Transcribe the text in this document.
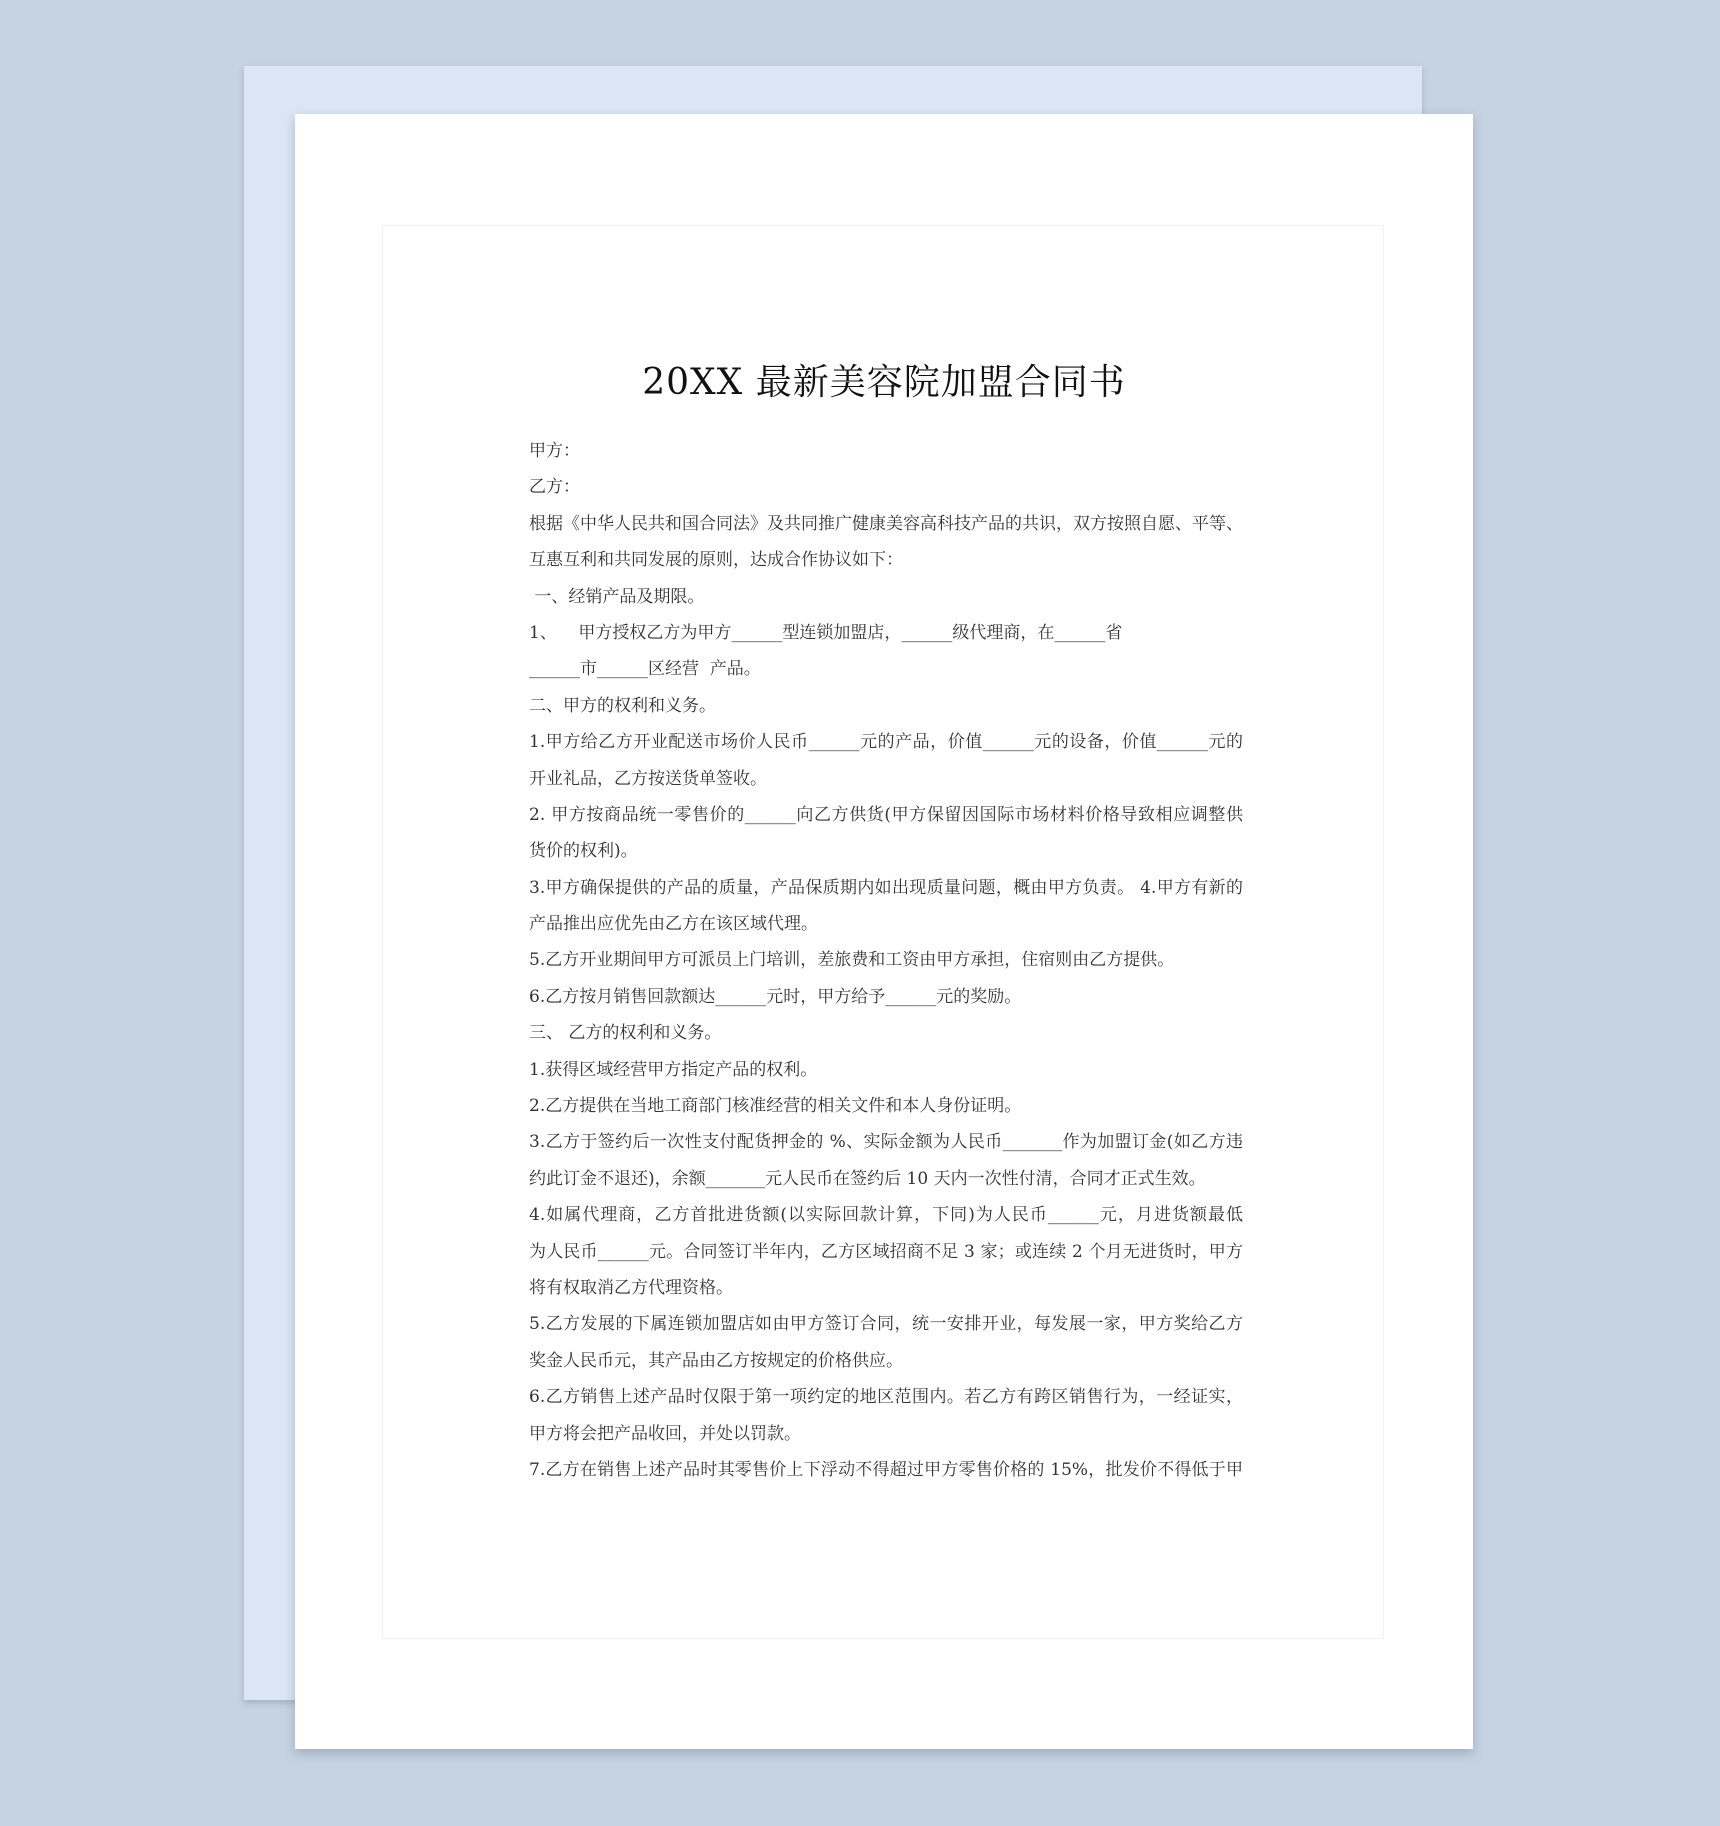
20XX 最新美容院加盟合同书
甲方：
乙方：
根据《中华人民共和国合同法》及共同推广健康美容高科技产品的共识，双方按照自愿、平等、
互惠互利和共同发展的原则，达成合作协议如下：
一、经销产品及期限。
1、    甲方授权乙方为甲方______型连锁加盟店，______级代理商，在______省
______市______区经营  产品。
二、甲方的权利和义务。
1.甲方给乙方开业配送市场价人民币______元的产品，价值______元的设备，价值______元的
开业礼品，乙方按送货单签收。
2. 甲方按商品统一零售价的______向乙方供货(甲方保留因国际市场材料价格导致相应调整供
货价的权利)。
3.甲方确保提供的产品的质量，产品保质期内如出现质量问题，概由甲方负责。 4.甲方有新的
产品推出应优先由乙方在该区域代理。
5.乙方开业期间甲方可派员上门培训，差旅费和工资由甲方承担，住宿则由乙方提供。
6.乙方按月销售回款额达______元时，甲方给予______元的奖励。
三、 乙方的权利和义务。
1.获得区域经营甲方指定产品的权利。
2.乙方提供在当地工商部门核准经营的相关文件和本人身份证明。
3.乙方于签约后一次性支付配货押金的 %、实际金额为人民币_______作为加盟订金(如乙方违
约此订金不退还)，余额_______元人民币在签约后 10 天内一次性付清，合同才正式生效。
4.如属代理商，乙方首批进货额(以实际回款计算，下同)为人民币______元，月进货额最低
为人民币______元。合同签订半年内，乙方区域招商不足 3 家；或连续 2 个月无进货时，甲方
将有权取消乙方代理资格。
5.乙方发展的下属连锁加盟店如由甲方签订合同，统一安排开业，每发展一家，甲方奖给乙方
奖金人民币元，其产品由乙方按规定的价格供应。
6.乙方销售上述产品时仅限于第一项约定的地区范围内。若乙方有跨区销售行为，一经证实，
甲方将会把产品收回，并处以罚款。
7.乙方在销售上述产品时其零售价上下浮动不得超过甲方零售价格的 15%，批发价不得低于甲
